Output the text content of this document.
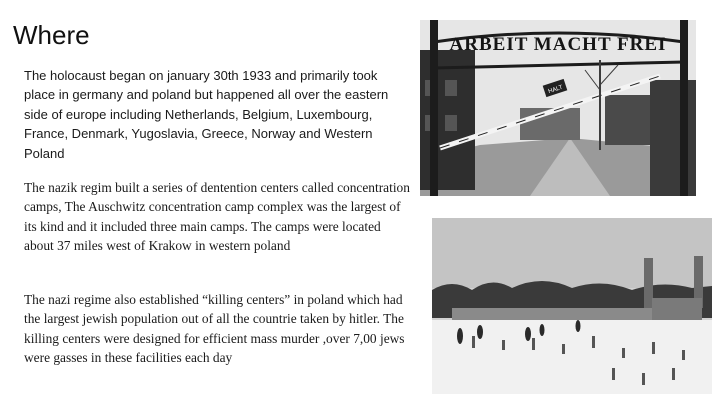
Where

The holocaust began on january 30th 1933 and primarily took place in germany and poland but happened all over the eastern side of europe including Netherlands, Belgium, Luxembourg, France, Denmark, Yugoslavia, Greece, Norway and Western Poland

The nazik regim built a series of dentention centers called concentration camps, The Auschwitz concentration camp complex was the largest of its kind and it included three main camps. The camps were located about 37 miles west of Krakow in western poland

The nazi regime also established “killing centers” in poland which had the largest jewish population out of all the countrie taken by hitler. The killing centers were designed for efficient mass murder ,over 7,00 jews were gasses in these facilities each day

ARBEIT MACHT FREI
HALT
